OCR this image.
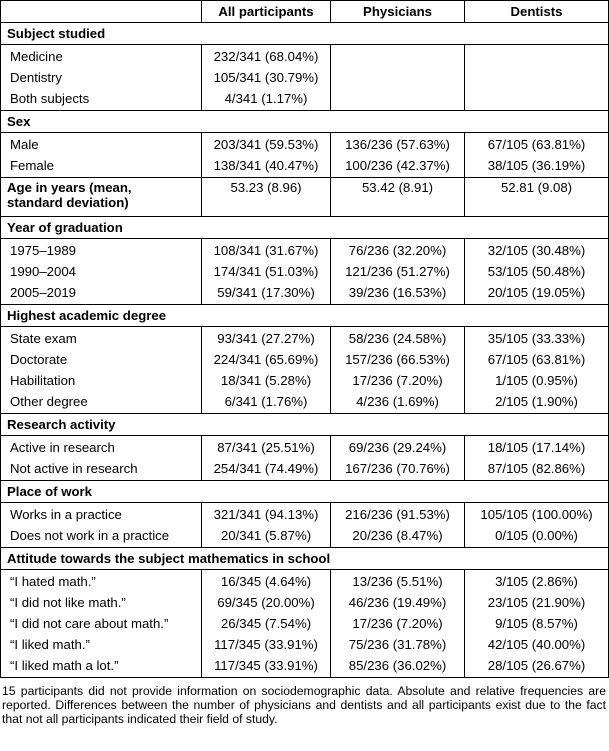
	All participants	Physicians	Dentists
Subject studied			
Medicine	232/341 (68.04%)		
Dentistry	105/341 (30.79%)		
Both subjects	4/341 (1.17%)		
Sex			
Male	203/341 (59.53%)	136/236 (57.63%)	67/105 (63.81%)
Female	138/341 (40.47%)	100/236 (42.37%)	38/105 (36.19%)
Age in years (mean,
standard deviation)	53.23 (8.96)	53.42 (8.91)	52.81 (9.08)
Year of graduation			
1975–1989	108/341 (31.67%)	76/236 (32.20%)	32/105 (30.48%)
1990–2004	174/341 (51.03%)	121/236 (51.27%)	53/105 (50.48%)
2005–2019	59/341 (17.30%)	39/236 (16.53%)	20/105 (19.05%)
Highest academic degree			
State exam	93/341 (27.27%)	58/236 (24.58%)	35/105 (33.33%)
Doctorate	224/341 (65.69%)	157/236 (66.53%)	67/105 (63.81%)
Habilitation	18/341 (5.28%)	17/236 (7.20%)	1/105 (0.95%)
Other degree	6/341 (1.76%)	4/236 (1.69%)	2/105 (1.90%)
Research activity			
Active in research	87/341 (25.51%)	69/236 (29.24%)	18/105 (17.14%)
Not active in research	254/341 (74.49%)	167/236 (70.76%)	87/105 (82.86%)
Place of work			
Works in a practice	321/341 (94.13%)	216/236 (91.53%)	105/105 (100.00%)
Does not work in a practice	20/341 (5.87%)	20/236 (8.47%)	0/105 (0.00%)
Attitude towards the subject mathematics in school			
“I hated math.”	16/345 (4.64%)	13/236 (5.51%)	3/105 (2.86%)
“I did not like math.”	69/345 (20.00%)	46/236 (19.49%)	23/105 (21.90%)
“I did not care about math.”	26/345 (7.54%)	17/236 (7.20%)	9/105 (8.57%)
“I liked math.”	117/345 (33.91%)	75/236 (31.78%)	42/105 (40.00%)
“I liked math a lot.”	117/345 (33.91%)	85/236 (36.02%)	28/105 (26.67%)

15 participants did not provide information on sociodemographic data. Absolute and relative frequencies are reported. Differences between the number of physicians and dentists and all participants exist due to the fact that not all participants indicated their field of study.
